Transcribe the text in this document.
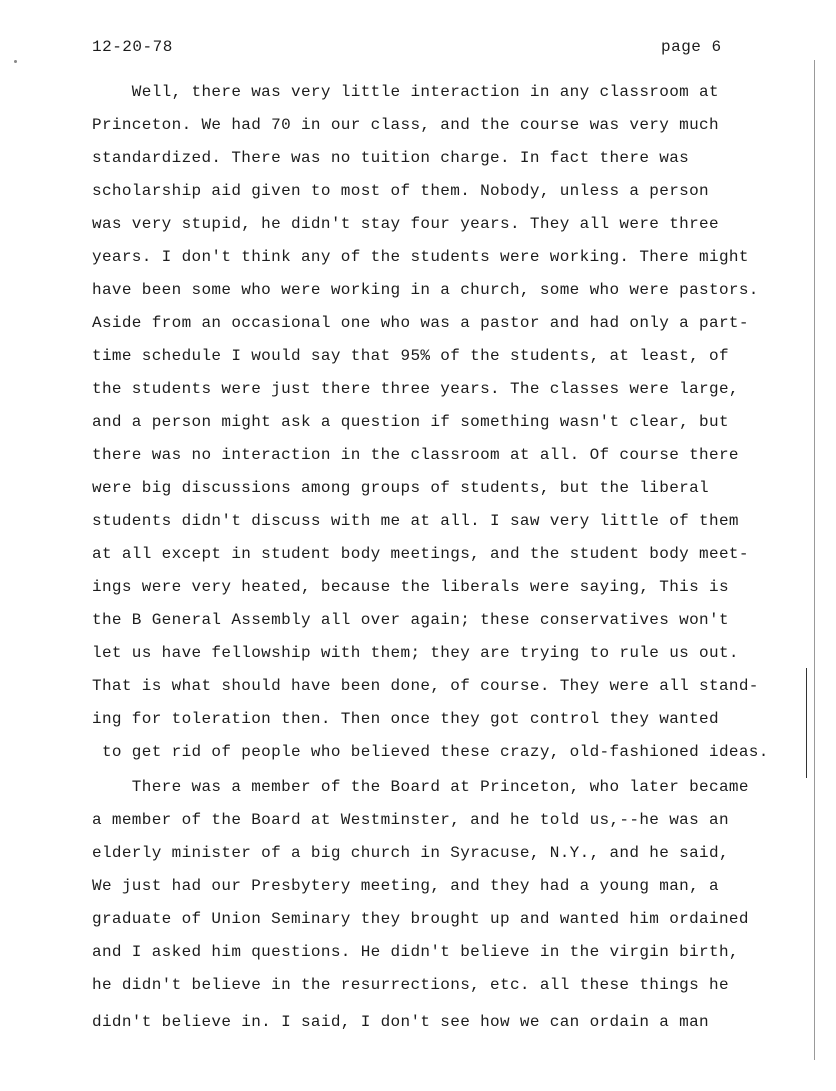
12-20-78	page 6
Well, there was very little interaction in any classroom at
Princeton. We had 70 in our class, and the course was very much
standardized. There was no tuition charge. In fact there was
scholarship aid given to most of them. Nobody, unless a person
was very stupid, he didn't stay four years. They all were three
years. I don't think any of the students were working. There might
have been some who were working in a church, some who were pastors.
Aside from an occasional one who was a pastor and had only a part-
time schedule I would say that 95% of the students, at least, of
the students were just there three years. The classes were large,
and a person might ask a question if something wasn't clear, but
there was no interaction in the classroom at all. Of course there
were big discussions among groups of students, but the liberal
students didn't discuss with me at all. I saw very little of them
at all except in student body meetings, and the student body meet-
ings were very heated, because the liberals were saying, This is
the B General Assembly all over again; these conservatives won't
let us have fellowship with them; they are trying to rule us out.
That is what should have been done, of course. They were all stand-
ing for toleration then. Then once they got control they wanted
to get rid of people who believed these crazy, old-fashioned ideas.
There was a member of the Board at Princeton, who later became
a member of the Board at Westminster, and he told us,--he was an
elderly minister of a big church in Syracuse, N.Y., and he said,
We just had our Presbytery meeting, and they had a young man, a
graduate of Union Seminary they brought up and wanted him ordained
and I asked him questions. He didn't believe in the virgin birth,
he didn't believe in the resurrections, etc. all these things he
didn't believe in. I said, I don't see how we can ordain a man
